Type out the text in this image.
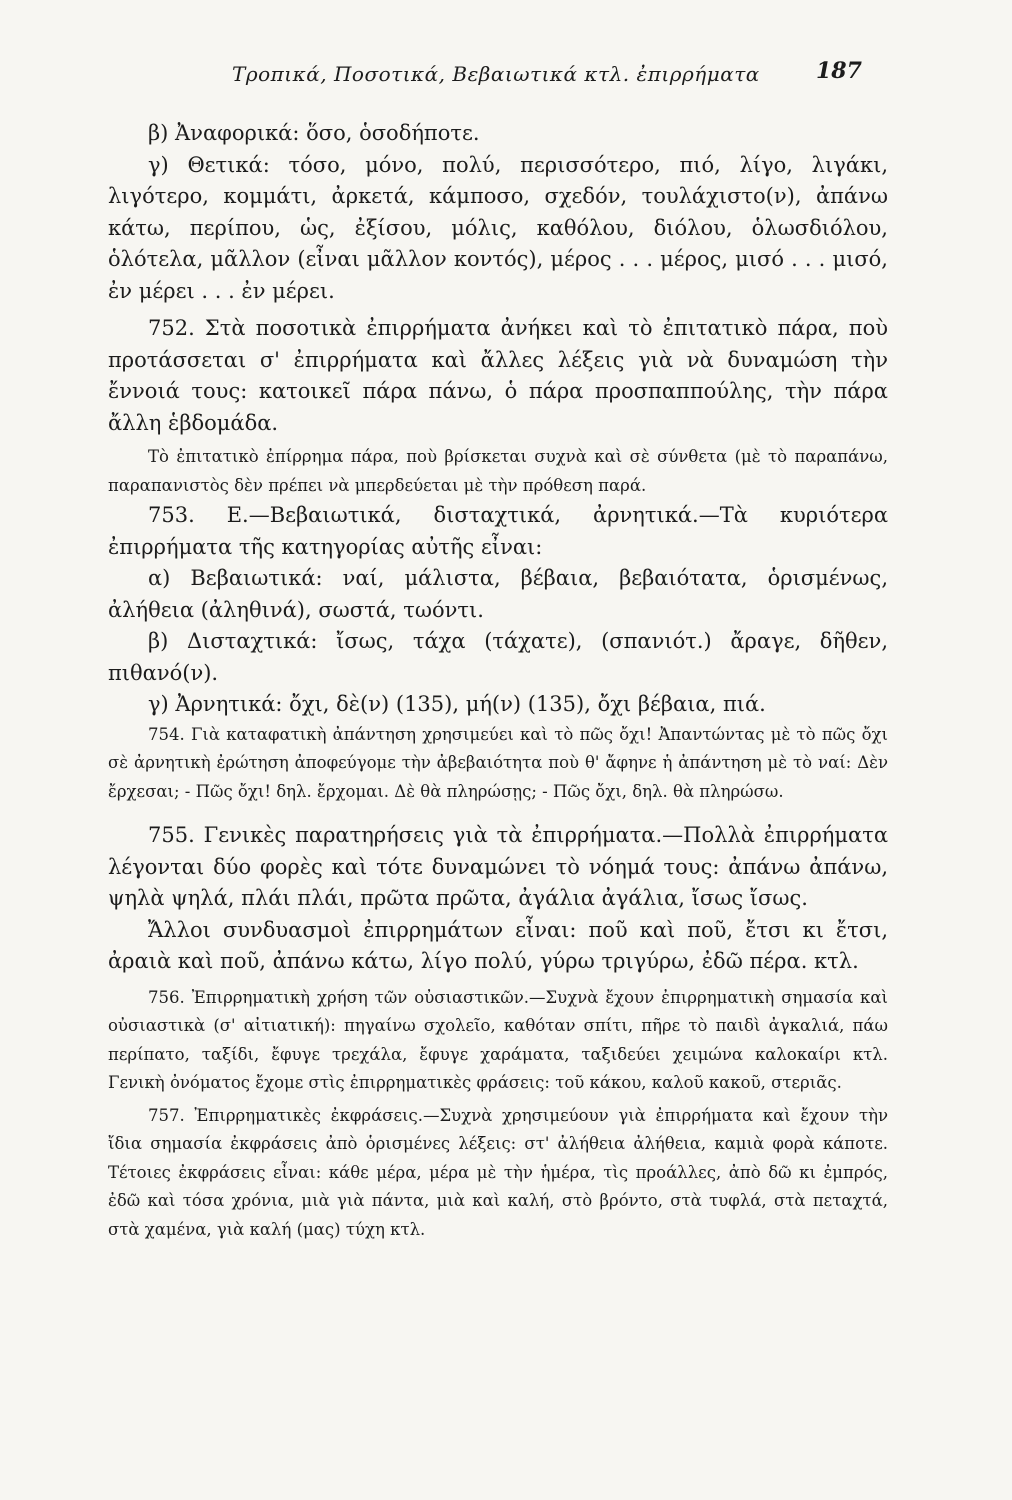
Τροπικά, Ποσοτικά, Βεβαιωτικά κτλ. ἐπιρρήματα	187

β) Ἀναφορικά: ὅσο, ὁσοδήποτε.

γ) Θετικά: τόσο, μόνο, πολύ, περισσότερο, πιό, λίγο, λιγάκι, λιγότερο, κομμάτι, ἀρκετά, κάμποσο, σχεδόν, τουλάχιστο(ν), ἀπάνω κάτω, περίπου, ὡς, ἐξίσου, μόλις, καθόλου, διόλου, ὁλωσδιόλου, ὁλότελα, μᾶλλον (εἶναι μᾶλλον κοντός), μέρος . . . μέρος, μισό . . . μισό, ἐν μέρει . . . ἐν μέρει.

752. Στὰ ποσοτικὰ ἐπιρρήματα ἀνήκει καὶ τὸ ἐπιτατικὸ πάρα, ποὺ προτάσσεται σ' ἐπιρρήματα καὶ ἄλλες λέξεις γιὰ νὰ δυναμώση τὴν ἔννοιά τους: κατοικεῖ πάρα πάνω, ὁ πάρα προσπαππούλης, τὴν πάρα ἄλλη ἑβδομάδα.

Τὸ ἐπιτατικὸ ἐπίρρημα πάρα, ποὺ βρίσκεται συχνὰ καὶ σὲ σύνθετα (μὲ τὸ παραπάνω, παραπανιστὸς δὲν πρέπει νὰ μπερδεύεται μὲ τὴν πρόθεση παρά.

753. Ε.—Βεβαιωτικά, δισταχτικά, ἀρνητικά.—Τὰ κυριότερα ἐπιρρήματα τῆς κατηγορίας αὐτῆς εἶναι:

α) Βεβαιωτικά: ναί, μάλιστα, βέβαια, βεβαιότατα, ὁρισμένως, ἀλήθεια (ἀληθινά), σωστά, τωόντι.

β) Δισταχτικά: ἴσως, τάχα (τάχατε), (σπανιότ.) ἄραγε, δῆθεν, πιθανό(ν).

γ) Ἀρνητικά: ὄχι, δὲ(ν) (135), μή(ν) (135), ὄχι βέβαια, πιά.

754. Γιὰ καταφατικὴ ἀπάντηση χρησιμεύει καὶ τὸ πῶς ὄχι! Ἀπαντώντας μὲ τὸ πῶς ὄχι σὲ ἀρνητικὴ ἐρώτηση ἀποφεύγομε τὴν ἀβεβαιότητα ποὺ θ' ἄφηνε ἡ ἀπάντηση μὲ τὸ ναί: Δὲν ἔρχεσαι; - Πῶς ὄχι! δηλ. ἔρχομαι. Δὲ θὰ πληρώσῃς; - Πῶς ὄχι, δηλ. θὰ πληρώσω.

755. Γενικὲς παρατηρήσεις γιὰ τὰ ἐπιρρήματα.—Πολλὰ ἐπιρρήματα λέγονται δύο φορὲς καὶ τότε δυναμώνει τὸ νόημά τους: ἀπάνω ἀπάνω, ψηλὰ ψηλά, πλάι πλάι, πρῶτα πρῶτα, ἀγάλια ἀγάλια, ἴσως ἴσως.

Ἄλλοι συνδυασμοὶ ἐπιρρημάτων εἶναι: ποῦ καὶ ποῦ, ἔτσι κι ἔτσι, ἀραιὰ καὶ ποῦ, ἀπάνω κάτω, λίγο πολύ, γύρω τριγύρω, ἐδῶ πέρα. κτλ.

756. Ἐπιρρηματικὴ χρήση τῶν οὐσιαστικῶν.—Συχνὰ ἔχουν ἐπιρρηματικὴ σημασία καὶ οὐσιαστικὰ (σ' αἰτιατική): πηγαίνω σχολεῖο, καθόταν σπίτι, πῆρε τὸ παιδὶ ἀγκαλιά, πάω περίπατο, ταξίδι, ἔφυγε τρεχάλα, ἔφυγε χαράματα, ταξιδεύει χειμώνα καλοκαίρι κτλ. Γενικὴ ὀνόματος ἔχομε στὶς ἐπιρρηματικὲς φράσεις: τοῦ κάκου, καλοῦ κακοῦ, στεριᾶς.

757. Ἐπιρρηματικὲς ἐκφράσεις.—Συχνὰ χρησιμεύουν γιὰ ἐπιρρήματα καὶ ἔχουν τὴν ἴδια σημασία ἐκφράσεις ἀπὸ ὁρισμένες λέξεις: στ' ἀλήθεια ἀλήθεια, καμιὰ φορὰ κάποτε. Τέτοιες ἐκφράσεις εἶναι: κάθε μέρα, μέρα μὲ τὴν ἡμέρα, τὶς προάλλες, ἀπὸ δῶ κι ἐμπρός, ἐδῶ καὶ τόσα χρόνια, μιὰ γιὰ πάντα, μιὰ καὶ καλή, στὸ βρόντο, στὰ τυφλά, στὰ πεταχτά, στὰ χαμένα, γιὰ καλή (μας) τύχη κτλ.
